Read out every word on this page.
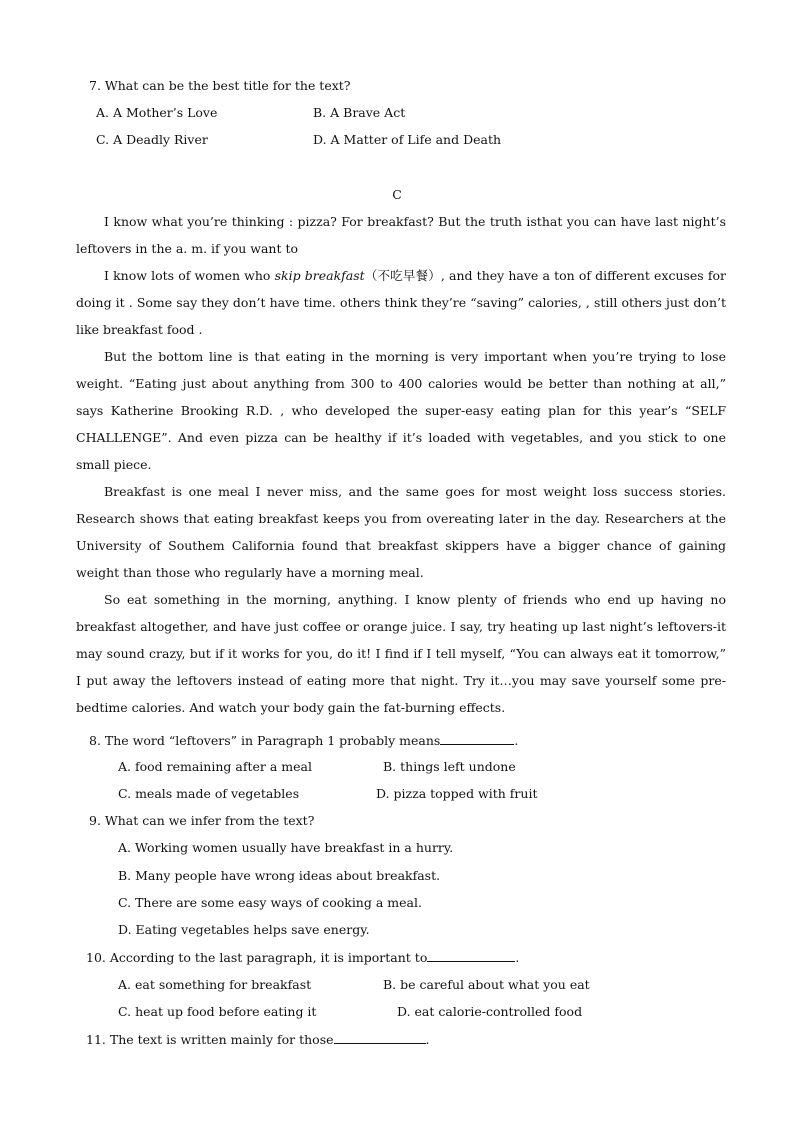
7. What can be the best title for the text?
A. A Mother’s Love	B. A Brave Act
C. A Deadly River	D. A Matter of Life and Death
C

I know what you’re thinking : pizza? For breakfast? But the truth isthat you can have last night’s leftovers in the a. m. if you want to

I know lots of women who skip breakfast（不吃早餐）, and they have a ton of different excuses for doing it . Some say they don’t have time. others think they’re “saving” calories, , still others just don’t like breakfast food .

But the bottom line is that eating in the morning is very important when you’re trying to lose weight. “Eating just about anything from 300 to 400 calories would be better than nothing at all,” says Katherine Brooking R.D. , who developed the super-easy eating plan for this year’s “SELF CHALLENGE”. And even pizza can be healthy if it’s loaded with vegetables, and you stick to one small piece.

Breakfast is one meal I never miss, and the same goes for most weight loss success stories. Research shows that eating breakfast keeps you from overeating later in the day. Researchers at the University of Southem California found that breakfast skippers have a bigger chance of gaining weight than those who regularly have a morning meal.

So eat something in the morning, anything. I know plenty of friends who end up having no breakfast altogether, and have just coffee or orange juice. I say, try heating up last night’s leftovers-it may sound crazy, but if it works for you, do it! I find if I tell myself, “You can always eat it tomorrow,” I put away the leftovers instead of eating more that night. Try it…you may save yourself some pre-bedtime calories. And watch your body gain the fat-burning effects.

8. The word “leftovers” in Paragraph 1 probably means	.
A. food remaining after a meal	B. things left undone
C. meals made of vegetables	D. pizza topped with fruit
9. What can we infer from the text?
A. Working women usually have breakfast in a hurry.
B. Many people have wrong ideas about breakfast.
C. There are some easy ways of cooking a meal.
D. Eating vegetables helps save energy.
10. According to the last paragraph, it is important to	.
A. eat something for breakfast	B. be careful about what you eat
C. heat up food before eating it	D. eat calorie-controlled food
11. The text is written mainly for those	.
